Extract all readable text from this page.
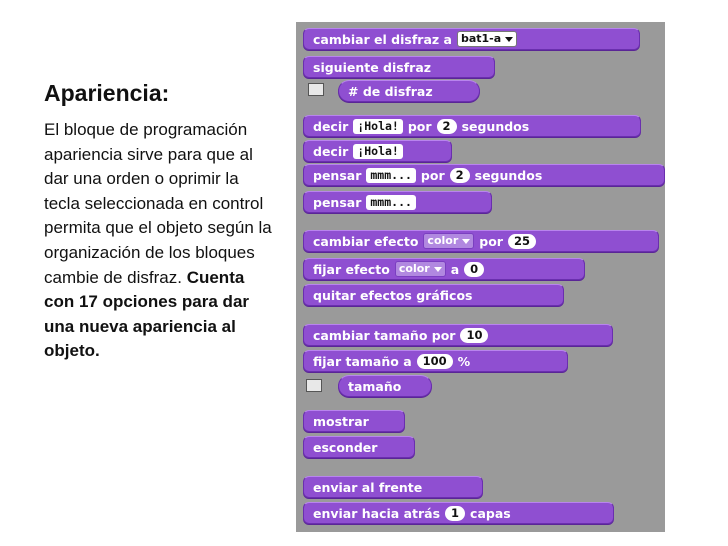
Apariencia:

El bloque de programación apariencia sirve para que al dar una orden o oprimir la tecla seleccionada en control permita que el objeto según la organización de los bloques cambie de disfraz. Cuenta con 17 opciones para dar una nueva apariencia al objeto.

cambiar el disfraz a bat1-a
siguiente disfraz
# de disfraz
decir ¡Hola! por 2 segundos
decir ¡Hola!
pensar mmm... por 2 segundos
pensar mmm...
cambiar efecto color	por 25
fijar efecto color	a 0
quitar efectos gráficos
cambiar tamaño por 10
fijar tamaño a 100 %
tamaño
mostrar
esconder
enviar al frente
enviar hacia atrás 1 capas
